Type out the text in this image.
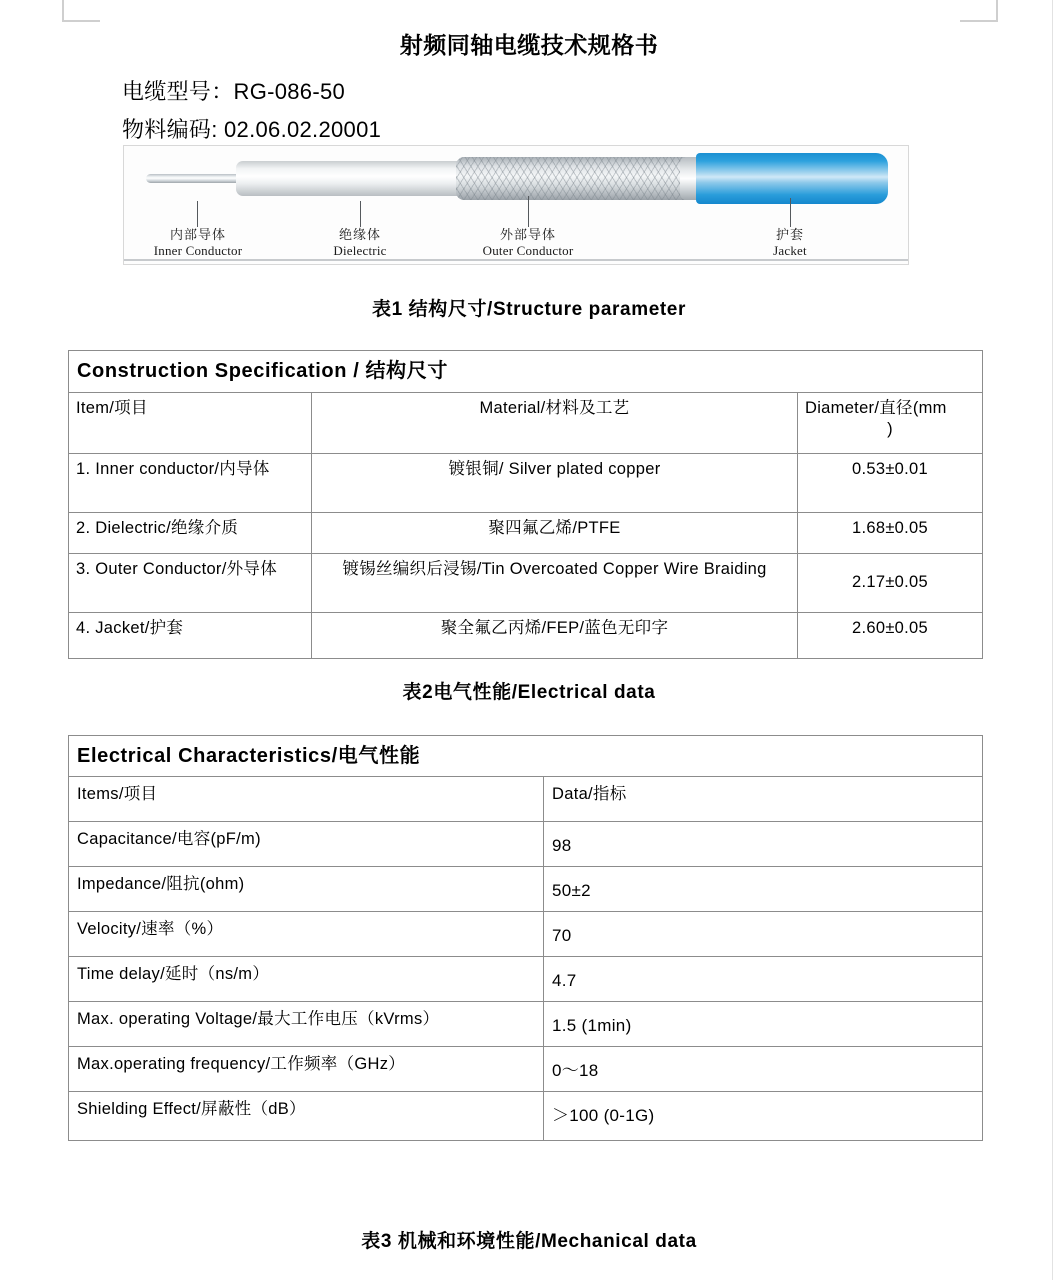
射频同轴电缆技术规格书
电缆型号：RG-086-50
物料编码: 02.06.02.20001
内部导体
Inner Conductor
绝缘体
Dielectric
外部导体
Outer Conductor
护套
Jacket
表1 结构尺寸/Structure parameter
Construction Specification / 结构尺寸		
Item/项目	Material/材料及工艺	Diameter/直径(mm

)

1. Inner conductor/内导体	镀银铜/ Silver plated copper	0.53±0.01
2. Dielectric/绝缘介质	聚四氟乙烯/PTFE	1.68±0.05
3. Outer Conductor/外导体	镀锡丝编织后浸锡/Tin Overcoated Copper Wire Braiding	2.17±0.05
4. Jacket/护套	聚全氟乙丙烯/FEP/蓝色无印字	2.60±0.05
表2电气性能/Electrical data
Electrical Characteristics/电气性能	
Items/项目	Data/指标
Capacitance/电容(pF/m)	98
Impedance/阻抗(ohm)	50±2
Velocity/速率（%）	70
Time delay/延时（ns/m）	4.7
Max. operating Voltage/最大工作电压（kVrms）	1.5 (1min)
Max.operating frequency/工作频率（GHz）	0～18
Shielding Effect/屏蔽性（dB）	＞100 (0-1G)
表3 机械和环境性能/Mechanical data
